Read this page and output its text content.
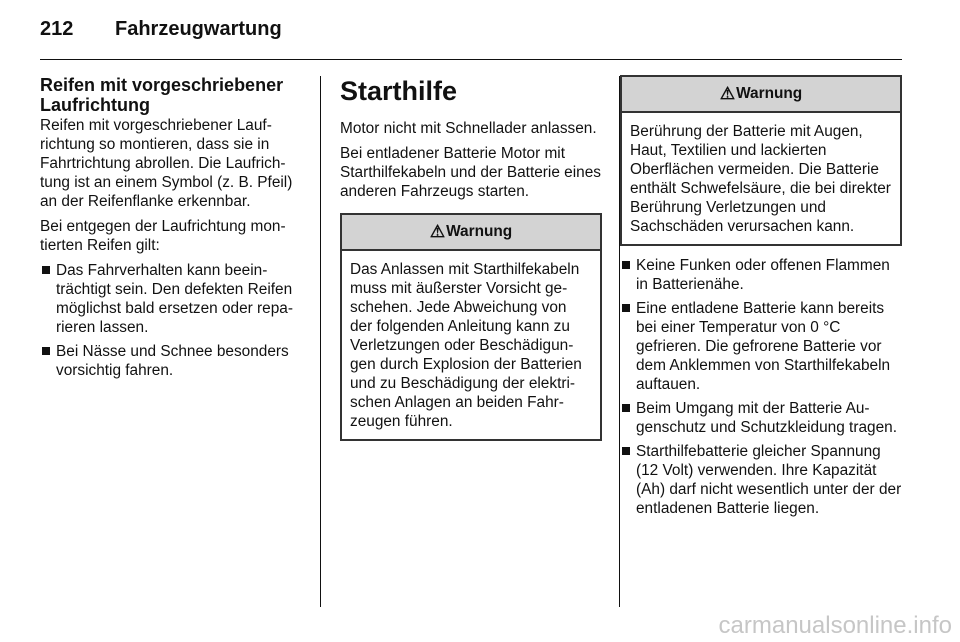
212 Fahrzeugwartung
Reifen mit vorgeschriebener Laufrichtung

Reifen mit vorgeschriebener Laufrichtung so montieren, dass sie in Fahrtrichtung abrollen. Die Laufrichtung ist an einem Symbol (z. B. Pfeil) an der Reifenflanke erkennbar.

Bei entgegen der Laufrichtung montierten Reifen gilt:

Das Fahrverhalten kann beeinträchtigt sein. Den defekten Reifen möglichst bald ersetzen oder reparieren lassen.
Bei Nässe und Schnee besonders vorsichtig fahren.
Starthilfe

Motor nicht mit Schnellader anlassen.

Bei entladener Batterie Motor mit Starthilfekabeln und der Batterie eines anderen Fahrzeugs starten.

⚠Warnung
Das Anlassen mit Starthilfekabeln muss mit äußerster Vorsicht geschehen. Jede Abweichung von der folgenden Anleitung kann zu Verletzungen oder Beschädigungen durch Explosion der Batterien und zu Beschädigung der elektrischen Anlagen an beiden Fahrzeugen führen.
⚠Warnung
Berührung der Batterie mit Augen, Haut, Textilien und lackierten Oberflächen vermeiden. Die Batterie enthält Schwefelsäure, die bei direkter Berührung Verletzungen und Sachschäden verursachen kann.
Keine Funken oder offenen Flammen in Batterienähe.
Eine entladene Batterie kann bereits bei einer Temperatur von 0 °C gefrieren. Die gefrorene Batterie vor dem Anklemmen von Starthilfekabeln auftauen.
Beim Umgang mit der Batterie Augenschutz und Schutzkleidung tragen.
Starthilfebatterie gleicher Spannung (12 Volt) verwenden. Ihre Kapazität (Ah) darf nicht wesentlich unter der der entladenen Batterie liegen.
carmanualsonline.info
